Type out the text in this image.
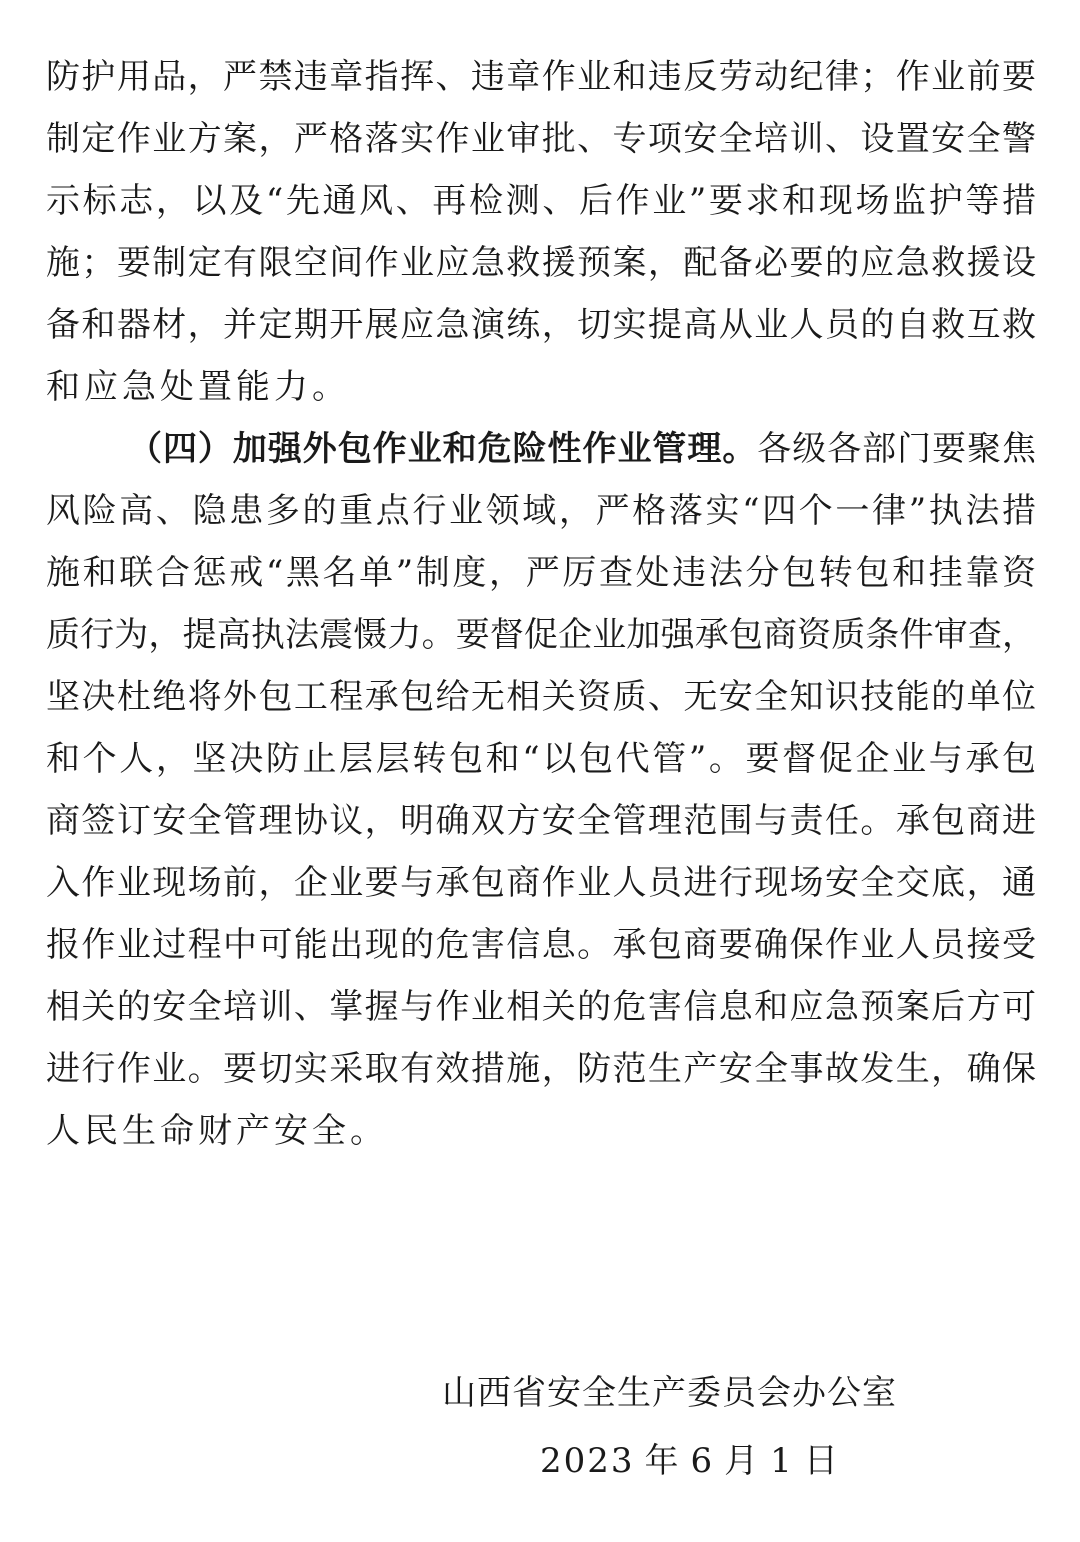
防护用品，严禁违章指挥、违章作业和违反劳动纪律；作业前要
制定作业方案，严格落实作业审批、专项安全培训、设置安全警
示标志，以及“先通风、再检测、后作业”要求和现场监护等措
施；要制定有限空间作业应急救援预案，配备必要的应急救援设
备和器材，并定期开展应急演练，切实提高从业人员的自救互救
和应急处置能力。
（四）加强外包作业和危险性作业管理。各级各部门要聚焦
风险高、隐患多的重点行业领域，严格落实“四个一律”执法措
施和联合惩戒“黑名单”制度，严厉查处违法分包转包和挂靠资
质行为，提高执法震慑力。要督促企业加强承包商资质条件审查，
坚决杜绝将外包工程承包给无相关资质、无安全知识技能的单位
和个人，坚决防止层层转包和“以包代管”。要督促企业与承包
商签订安全管理协议，明确双方安全管理范围与责任。承包商进
入作业现场前，企业要与承包商作业人员进行现场安全交底，通
报作业过程中可能出现的危害信息。承包商要确保作业人员接受
相关的安全培训、掌握与作业相关的危害信息和应急预案后方可
进行作业。要切实采取有效措施，防范生产安全事故发生，确保
人民生命财产安全。
山西省安全生产委员会办公室
2023 年 6 月 1 日
